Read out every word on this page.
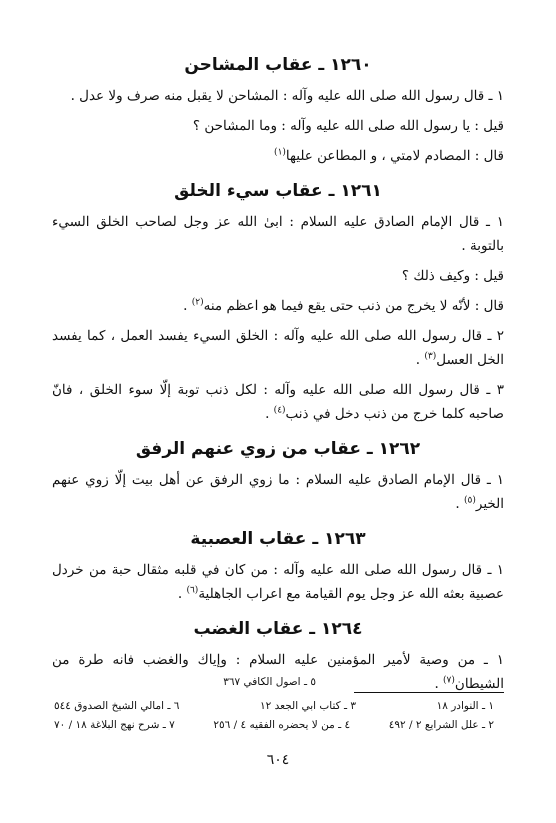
١٢٦٠ ـ عقاب المشاحن

١ ـ قال رسول الله صلى الله عليه وآله : المشاحن لا يقبل منه صرف ولا عدل .

قيل : يا رسول الله صلى الله عليه وآله : وما المشاحن ؟

قال : المصادم لامتي ، و المطاعن عليها$^{(١)}$

١٢٦١ ـ عقاب سيء الخلق

١ ـ قال الإمام الصادق عليه السلام : ابىٰ الله عز وجل لصاحب الخلق السيء بالتوبة .

قيل : وكيف ذلك ؟

قال : لأنّه لا يخرج من ذنب حتى يقع فيما هو اعظم منه$^{(٢)}$ .

٢ ـ قال رسول الله صلى الله عليه وآله : الخلق السيء يفسد العمل ، كما يفسد الخل العسل$^{(٣)}$ .

٣ ـ قال رسول الله صلى الله عليه وآله : لكل ذنب توبة إلّا سوء الخلق ، فانّ صاحبه كلما خرج من ذنب دخل في ذنب$^{(٤)}$ .

١٢٦٢ ـ عقاب من زوي عنهم الرفق

١ ـ قال الإمام الصادق عليه السلام : ما زوي الرفق عن أهل بيت إلّا زوي عنهم الخير$^{(٥)}$ .

١٢٦٣ ـ عقاب العصبية

١ ـ قال رسول الله صلى الله عليه وآله : من كان في قلبه مثقال حبة من خردل عصبية بعثه الله عز وجل يوم القيامة مع اعراب الجاهلية$^{(٦)}$ .

١٢٦٤ ـ عقاب الغضب

١ ـ من وصية لأمير المؤمنين عليه السلام : وإياك والغضب فانه طرة من الشيطان$^{(٧)}$ .

٥ ـ اصول الكافي ٣٦٧
١ ـ النوادر ١٨
٣ ـ كتاب ابي الجعد ١٢
٦ ـ امالي الشيخ الصدوق ٥٤٤
٢ ـ علل الشرايع ٢ / ٤٩٢
٤ ـ من لا يحضره الفقيه ٤ / ٢٥٦
٧ ـ شرح نهج البلاغة ١٨ / ٧٠
٦٠٤
